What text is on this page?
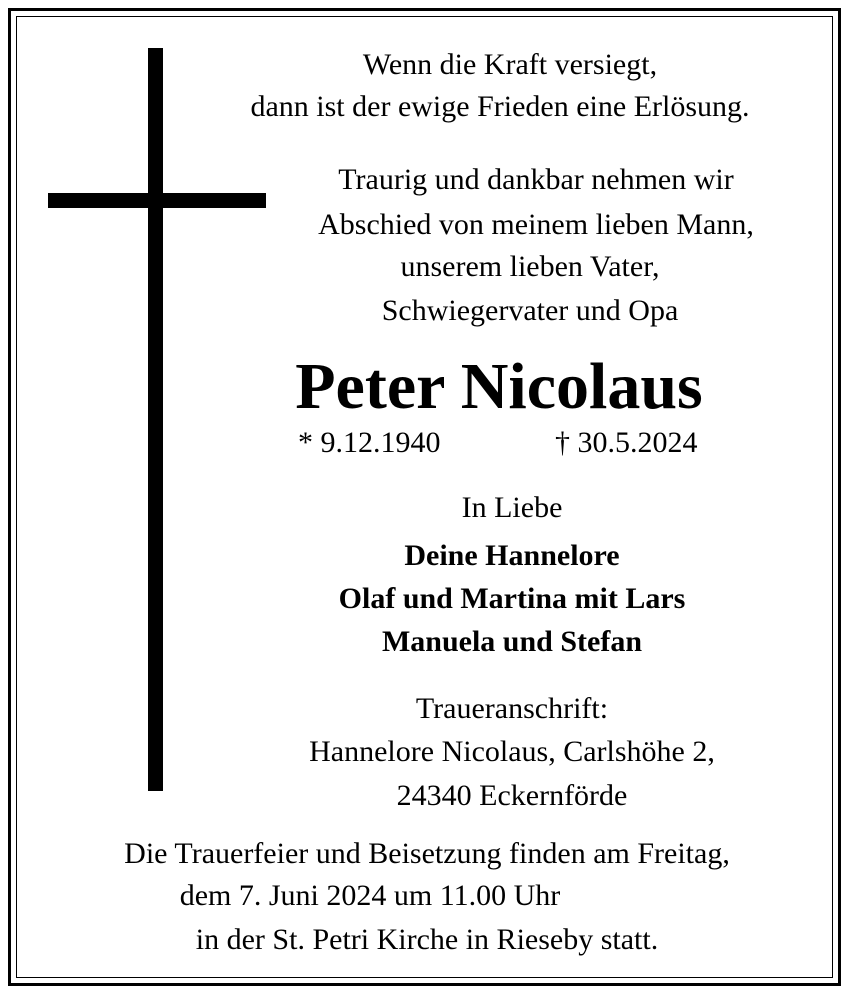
Wenn die Kraft versiegt,

dann ist der ewige Frieden eine Erlösung.

Traurig und dankbar nehmen wir

Abschied von meinem lieben Mann,

unserem lieben Vater,

Schwiegervater und Opa

Peter Nicolaus

* 9.12.1940	† 30.5.2024

In Liebe

Deine Hannelore

Olaf und Martina mit Lars

Manuela und Stefan

Traueranschrift:

Hannelore Nicolaus, Carlshöhe 2,

24340 Eckernförde

Die Trauerfeier und Beisetzung finden am Freitag,

dem 7. Juni 2024 um 11.00 Uhr

in der St. Petri Kirche in Rieseby statt.
